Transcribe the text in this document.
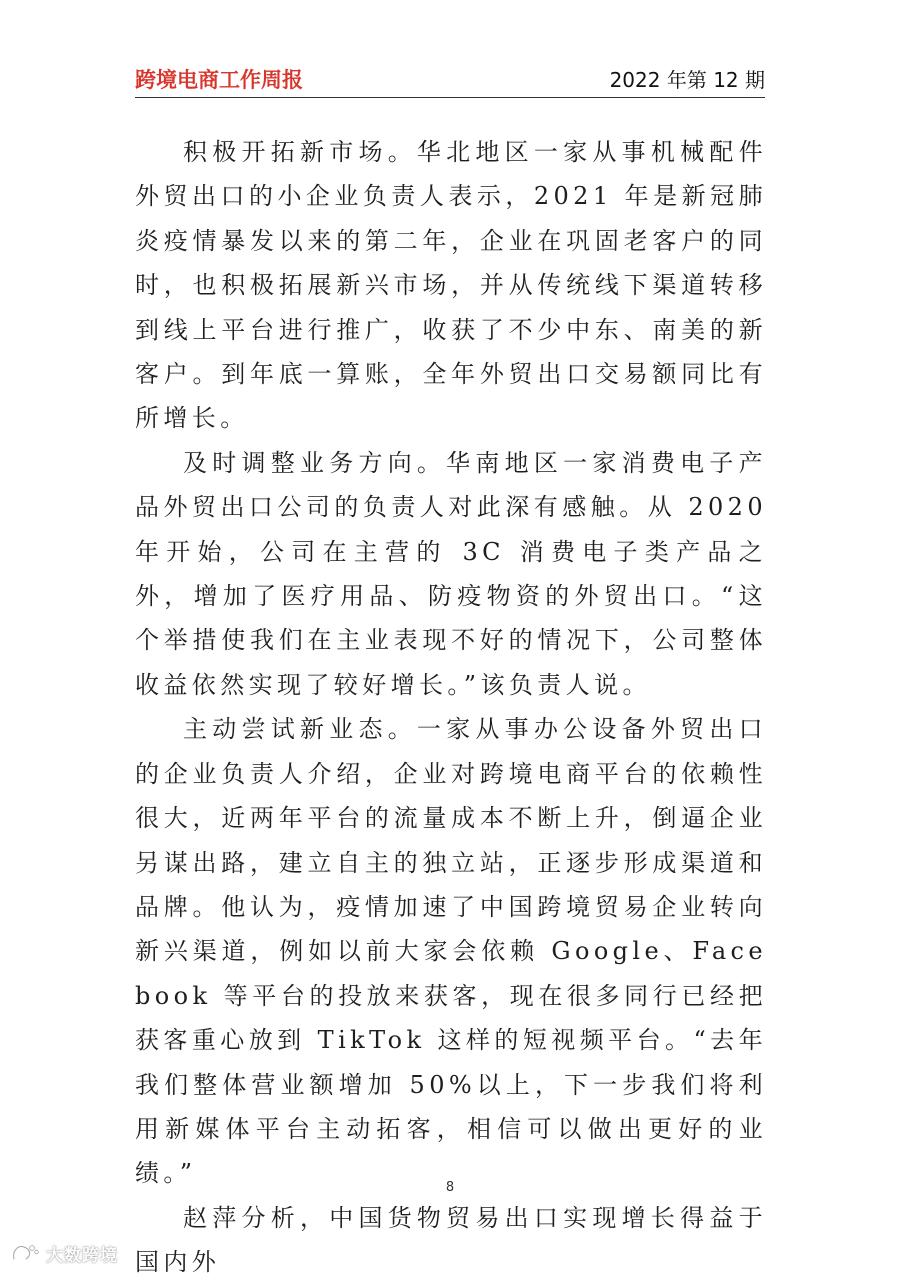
跨境电商工作周报	2022 年第 12 期

积极开拓新市场。华北地区一家从事机械配件外贸出口的小企业负责人表示，2021 年是新冠肺炎疫情暴发以来的第二年，企业在巩固老客户的同时，也积极拓展新兴市场，并从传统线下渠道转移到线上平台进行推广，收获了不少中东、南美的新客户。到年底一算账，全年外贸出口交易额同比有所增长。

及时调整业务方向。华南地区一家消费电子产品外贸出口公司的负责人对此深有感触。从 2020 年开始，公司在主营的 3C 消费电子类产品之外，增加了医疗用品、防疫物资的外贸出口。“这个举措使我们在主业表现不好的情况下，公司整体收益依然实现了较好增长。”该负责人说。

主动尝试新业态。一家从事办公设备外贸出口的企业负责人介绍，企业对跨境电商平台的依赖性很大，近两年平台的流量成本不断上升，倒逼企业另谋出路，建立自主的独立站，正逐步形成渠道和品牌。他认为，疫情加速了中国跨境贸易企业转向新兴渠道，例如以前大家会依赖 Google、Facebook 等平台的投放来获客，现在很多同行已经把获客重心放到 TikTok 这样的短视频平台。“去年我们整体营业额增加 50%以上，下一步我们将利用新媒体平台主动拓客，相信可以做出更好的业绩。”

赵萍分析，中国货物贸易出口实现增长得益于国内外

8
大数跨境
